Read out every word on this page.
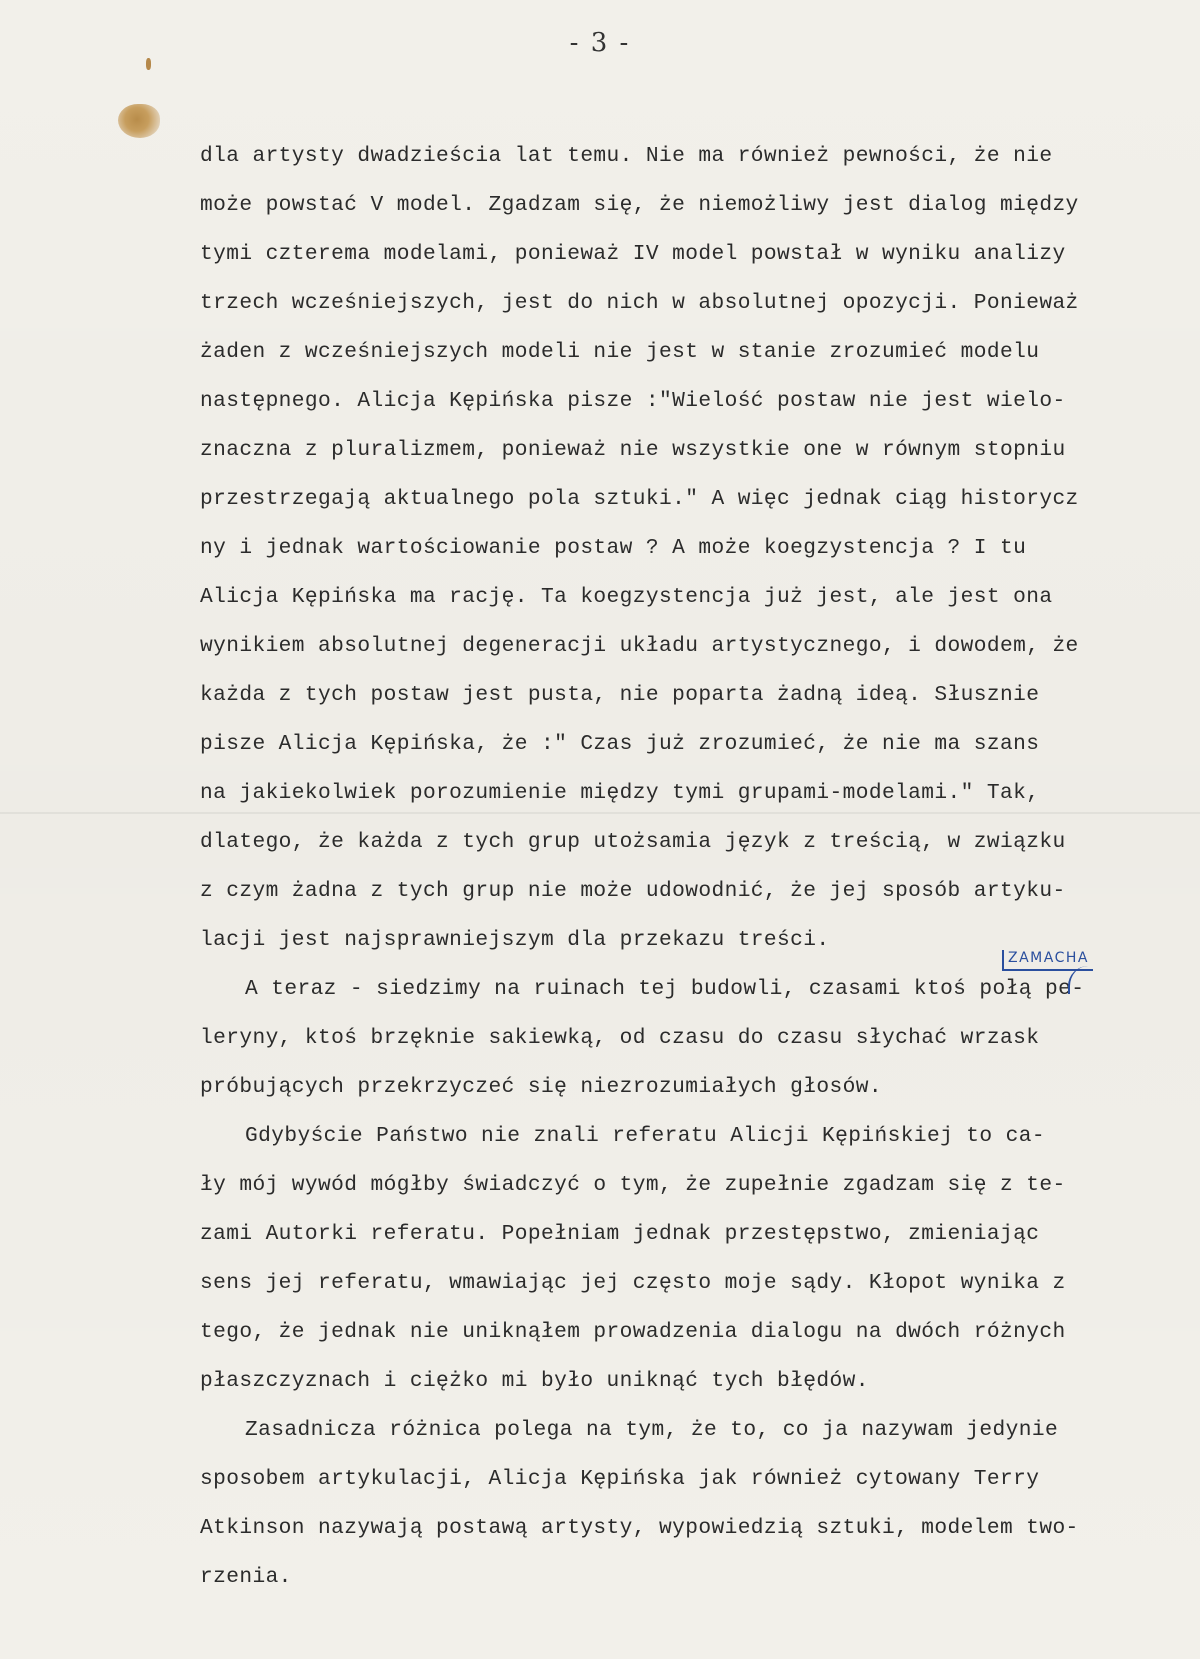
- 3 -
dla artysty dwadzieścia lat temu. Nie ma również pewności, że nie
może powstać V model. Zgadzam się, że niemożliwy jest dialog między
tymi czterema modelami, ponieważ IV model powstał w wyniku analizy
trzech wcześniejszych, jest do nich w absolutnej opozycji. Ponieważ
żaden z wcześniejszych modeli nie jest w stanie zrozumieć modelu
następnego. Alicja Kępińska pisze :"Wielość postaw nie jest wielo-
znaczna z pluralizmem, ponieważ nie wszystkie one w równym stopniu
przestrzegają aktualnego pola sztuki." A więc jednak ciąg historycz
ny i jednak wartościowanie postaw ? A może koegzystencja ? I tu
Alicja Kępińska ma rację. Ta koegzystencja już jest, ale jest ona
wynikiem absolutnej degeneracji układu artystycznego, i dowodem, że
każda z tych postaw jest pusta, nie poparta żadną ideą. Słusznie
pisze Alicja Kępińska, że :" Czas już zrozumieć, że nie ma szans
na jakiekolwiek porozumienie między tymi grupami-modelami." Tak,
dlatego, że każda z tych grup utożsamia język z treścią, w związku
z czym żadna z tych grup nie może udowodnić, że jej sposób artyku-
lacji jest najsprawniejszym dla przekazu treści.
A teraz - siedzimy na ruinach tej budowli, czasami ktoś połą pe-
leryny, ktoś brzęknie sakiewką, od czasu do czasu słychać wrzask
próbujących przekrzyczeć się niezrozumiałych głosów.
Gdybyście Państwo nie znali referatu Alicji Kępińskiej to ca-
ły mój wywód mógłby świadczyć o tym, że zupełnie zgadzam się z te-
zami Autorki referatu. Popełniam jednak przestępstwo, zmieniając
sens jej referatu, wmawiając jej często moje sądy. Kłopot wynika z
tego, że jednak nie uniknąłem prowadzenia dialogu na dwóch różnych
płaszczyznach i ciężko mi było uniknąć tych błędów.
Zasadnicza różnica polega na tym, że to, co ja nazywam jedynie
sposobem artykulacji, Alicja Kępińska jak również cytowany Terry
Atkinson nazywają postawą artysty, wypowiedzią sztuki, modelem two-
rzenia.
ZAMACHA
